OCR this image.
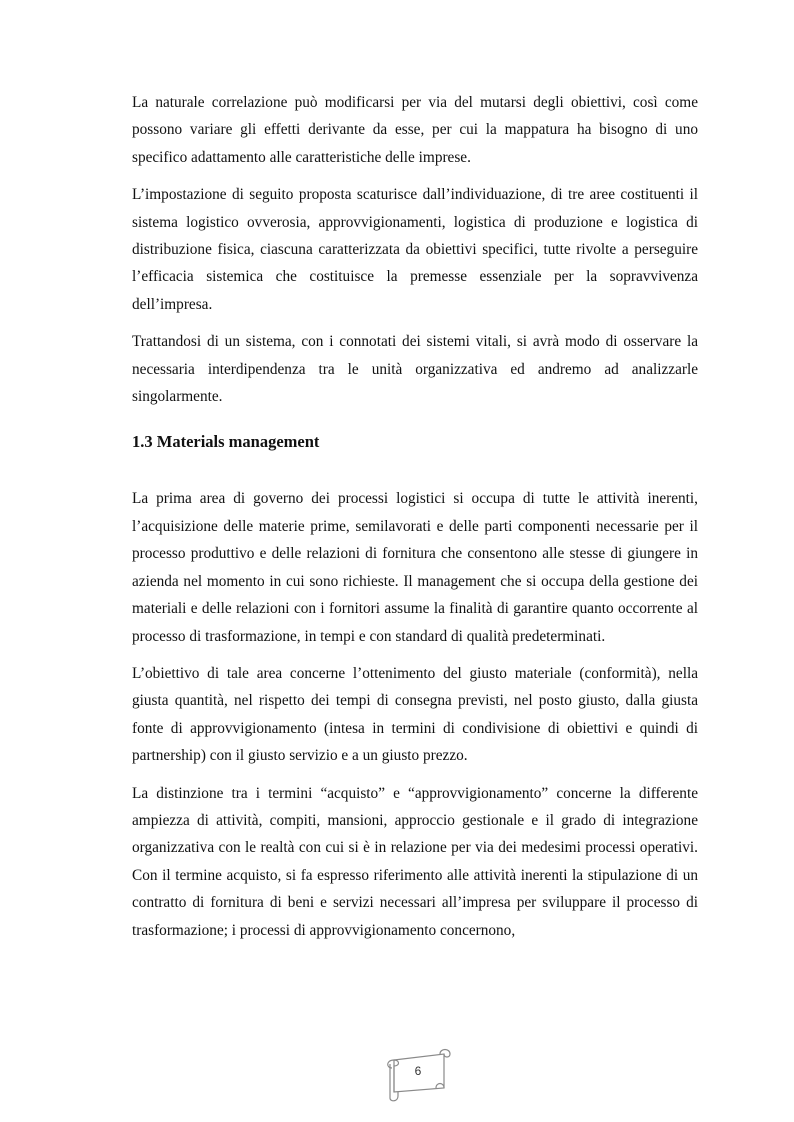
La naturale correlazione può modificarsi per via del mutarsi degli obiettivi, così come possono variare gli effetti derivante da esse, per cui la mappatura ha bisogno di uno specifico adattamento alle caratteristiche delle imprese.

L’impostazione di seguito proposta scaturisce dall’individuazione, di tre aree costituenti il sistema logistico ovverosia, approvvigionamenti, logistica di produzione e logistica di distribuzione fisica, ciascuna caratterizzata da obiettivi specifici, tutte rivolte a perseguire l’efficacia sistemica che costituisce la premesse essenziale per la sopravvivenza dell’impresa.

Trattandosi di un sistema, con i connotati dei sistemi vitali, si avrà modo di osservare la necessaria interdipendenza tra le unità organizzativa ed andremo ad analizzarle singolarmente.

1.3 Materials management

La prima area di governo dei processi logistici si occupa di tutte le attività inerenti, l’acquisizione delle materie prime, semilavorati e delle parti componenti necessarie per il processo produttivo e delle relazioni di fornitura che consentono alle stesse di giungere in azienda nel momento in cui sono richieste. Il management che si occupa della gestione dei materiali e delle relazioni con i fornitori assume la finalità di garantire quanto occorrente al processo di trasformazione, in tempi e con standard di qualità predeterminati.

L’obiettivo di tale area concerne l’ottenimento del giusto materiale (conformità), nella giusta quantità, nel rispetto dei tempi di consegna previsti, nel posto giusto, dalla giusta fonte di approvvigionamento (intesa in termini di condivisione di obiettivi e quindi di partnership) con il giusto servizio e a un giusto prezzo.

La distinzione tra i termini “acquisto” e “approvvigionamento” concerne la differente ampiezza di attività, compiti, mansioni, approccio gestionale e il grado di integrazione organizzativa con le realtà con cui si è in relazione per via dei medesimi processi operativi. Con il termine acquisto, si fa espresso riferimento alle attività inerenti la stipulazione di un contratto di fornitura di beni e servizi necessari all’impresa per sviluppare il processo di trasformazione; i processi di approvvigionamento concernono,

6
